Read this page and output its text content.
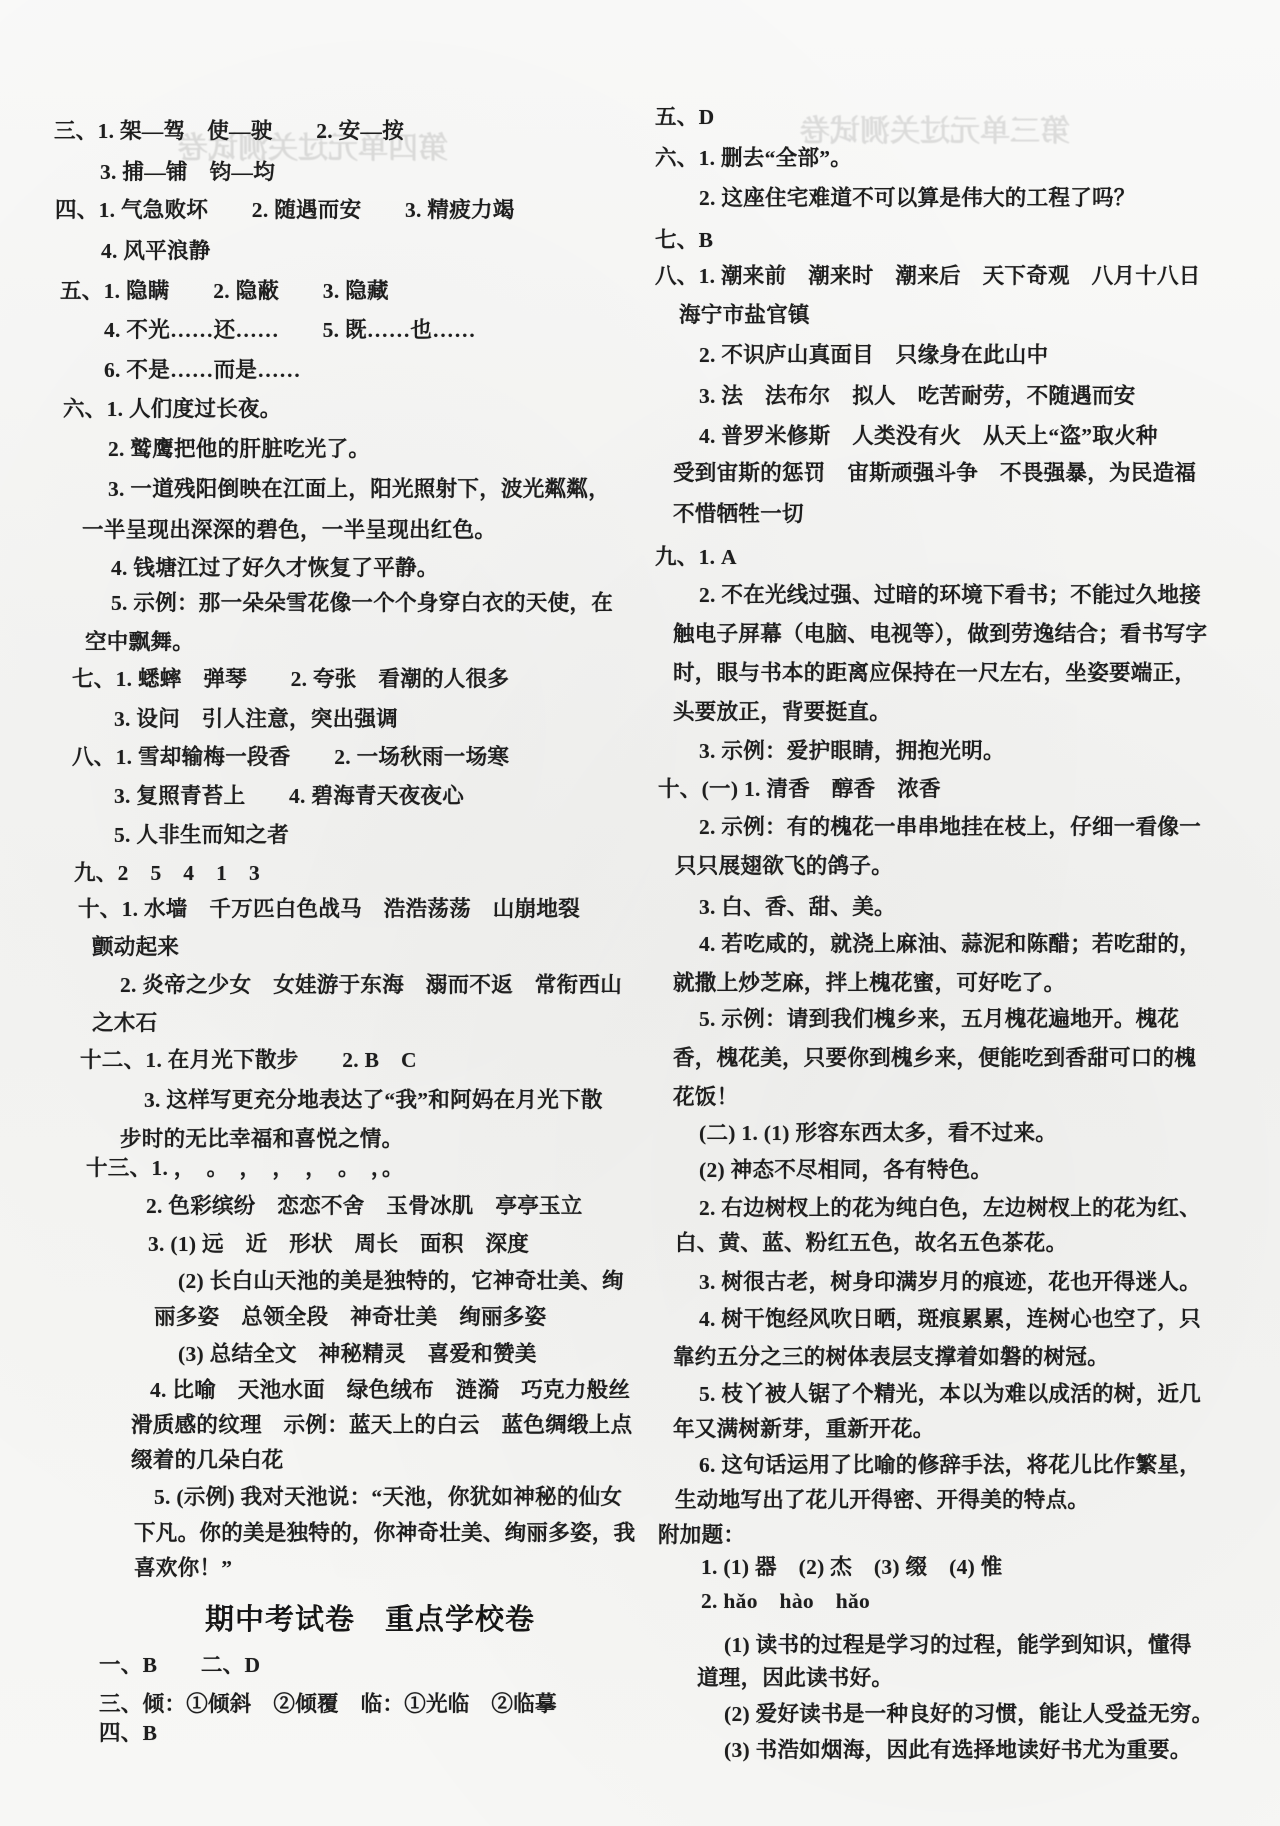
第四单元过关测试卷
第三单元过关测试卷
三、1. 架—驾　使—驶　　2. 安—按
3. 捕—铺　钧—均
四、1. 气急败坏　　2. 随遇而安　　3. 精疲力竭
4. 风平浪静
五、1. 隐瞒　　2. 隐蔽　　3. 隐藏
4. 不光……还……　　5. 既……也……
6. 不是……而是……
六、1. 人们度过长夜。
2. 鹫鹰把他的肝脏吃光了。
3. 一道残阳倒映在江面上，阳光照射下，波光粼粼，
一半呈现出深深的碧色，一半呈现出红色。
4. 钱塘江过了好久才恢复了平静。
5. 示例：那一朵朵雪花像一个个身穿白衣的天使，在
空中飘舞。
七、1. 蟋蟀　弹琴　　2. 夸张　看潮的人很多
3. 设问　引人注意，突出强调
八、1. 雪却输梅一段香　　2. 一场秋雨一场寒
3. 复照青苔上　　4. 碧海青天夜夜心
5. 人非生而知之者
九、2　5　4　1　3
十、1. 水墙　千万匹白色战马　浩浩荡荡　山崩地裂
颤动起来
2. 炎帝之少女　女娃游于东海　溺而不返　常衔西山
之木石
十二、1. 在月光下散步　　2. B　C
3. 这样写更充分地表达了“我”和阿妈在月光下散
步时的无比幸福和喜悦之情。
十三、1. ，　。　，　，　，　。　，。
2. 色彩缤纷　恋恋不舍　玉骨冰肌　亭亭玉立
3. (1) 远　近　形状　周长　面积　深度
(2) 长白山天池的美是独特的，它神奇壮美、绚
丽多姿　总领全段　神奇壮美　绚丽多姿
(3) 总结全文　神秘精灵　喜爱和赞美
4. 比喻　天池水面　绿色绒布　涟漪　巧克力般丝
滑质感的纹理　示例：蓝天上的白云　蓝色绸缎上点
缀着的几朵白花
5. (示例) 我对天池说：“天池，你犹如神秘的仙女
下凡。你的美是独特的，你神奇壮美、绚丽多姿，我
喜欢你！”
期中考试卷　重点学校卷
一、B　　二、D
三、倾：①倾斜　②倾覆　临：①光临　②临摹
四、B
五、D
六、1. 删去“全部”。
2. 这座住宅难道不可以算是伟大的工程了吗？
七、B
八、1. 潮来前　潮来时　潮来后　天下奇观　八月十八日
海宁市盐官镇
2. 不识庐山真面目　只缘身在此山中
3. 法　法布尔　拟人　吃苦耐劳，不随遇而安
4. 普罗米修斯　人类没有火　从天上“盗”取火种
受到宙斯的惩罚　宙斯顽强斗争　不畏强暴，为民造福
不惜牺牲一切
九、1. A
2. 不在光线过强、过暗的环境下看书；不能过久地接
触电子屏幕（电脑、电视等），做到劳逸结合；看书写字
时，眼与书本的距离应保持在一尺左右，坐姿要端正，
头要放正，背要挺直。
3. 示例：爱护眼睛，拥抱光明。
十、(一) 1. 清香　醇香　浓香
2. 示例：有的槐花一串串地挂在枝上，仔细一看像一
只只展翅欲飞的鸽子。
3. 白、香、甜、美。
4. 若吃咸的，就浇上麻油、蒜泥和陈醋；若吃甜的，
就撒上炒芝麻，拌上槐花蜜，可好吃了。
5. 示例：请到我们槐乡来，五月槐花遍地开。槐花
香，槐花美，只要你到槐乡来，便能吃到香甜可口的槐
花饭！
(二) 1. (1) 形容东西太多，看不过来。
(2) 神态不尽相同，各有特色。
2. 右边树杈上的花为纯白色，左边树杈上的花为红、
白、黄、蓝、粉红五色，故名五色茶花。
3. 树很古老，树身印满岁月的痕迹，花也开得迷人。
4. 树干饱经风吹日晒，斑痕累累，连树心也空了，只
靠约五分之三的树体表层支撑着如磐的树冠。
5. 枝丫被人锯了个精光，本以为难以成活的树，近几
年又满树新芽，重新开花。
6. 这句话运用了比喻的修辞手法，将花儿比作繁星，
生动地写出了花儿开得密、开得美的特点。
附加题：
1. (1) 器　(2) 杰　(3) 缀　(4) 惟
2. hǎo　hào　hǎo
(1) 读书的过程是学习的过程，能学到知识，懂得
道理，因此读书好。
(2) 爱好读书是一种良好的习惯，能让人受益无穷。
(3) 书浩如烟海，因此有选择地读好书尤为重要。
